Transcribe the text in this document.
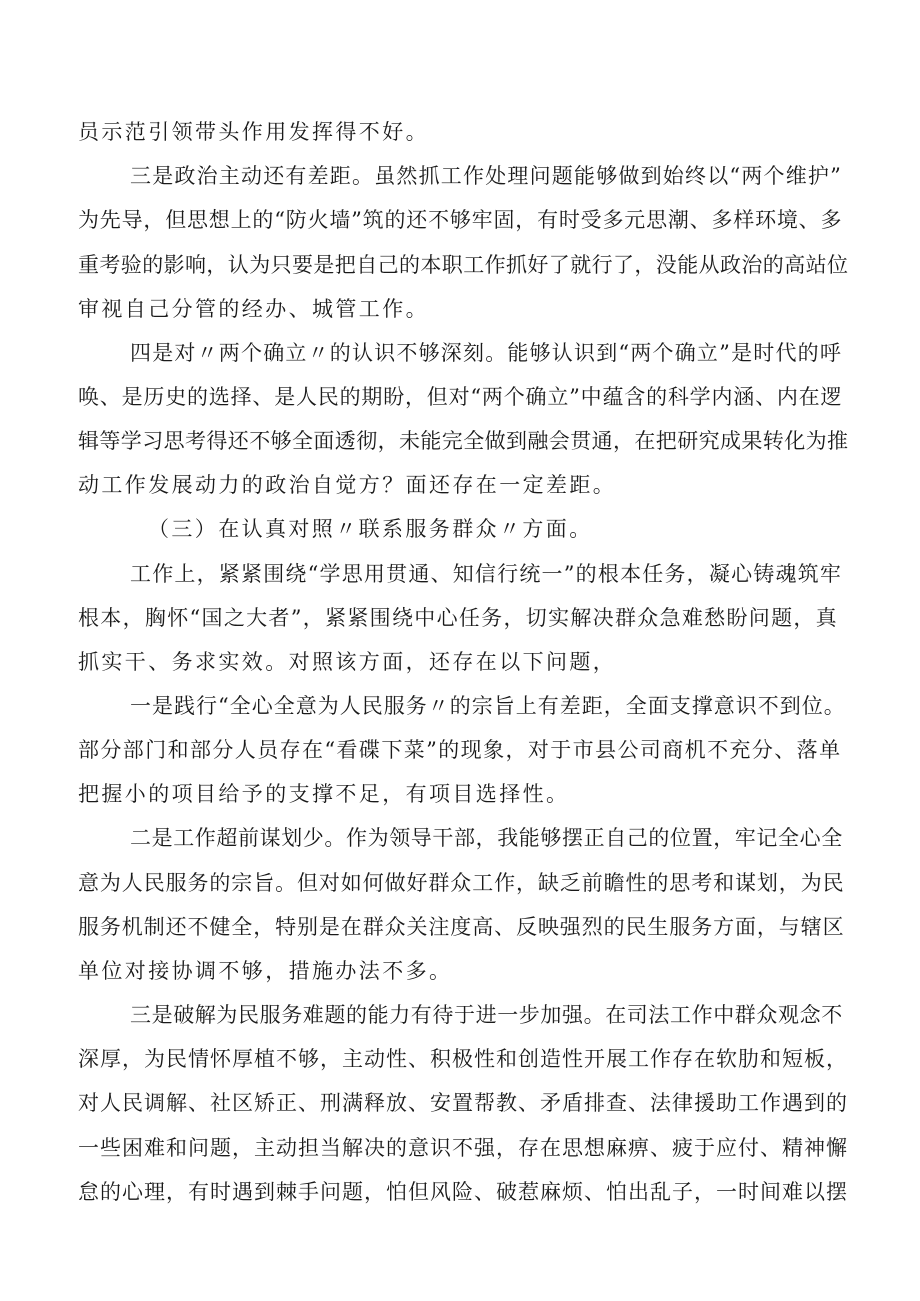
员示范引领带头作用发挥得不好。
三是政治主动还有差距。虽然抓工作处理问题能够做到始终以“两个维护”
为先导，但思想上的“防火墙”筑的还不够牢固，有时受多元思潮、多样环境、多
重考验的影响，认为只要是把自己的本职工作抓好了就行了，没能从政治的高站位
审视自己分管的经办、城管工作。
四是对〃两个确立〃的认识不够深刻。能够认识到“两个确立”是时代的呼
唤、是历史的选择、是人民的期盼，但对“两个确立”中蕴含的科学内涵、内在逻
辑等学习思考得还不够全面透彻，未能完全做到融会贯通，在把研究成果转化为推
动工作发展动力的政治自觉方？面还存在一定差距。
（三）在认真对照〃联系服务群众〃方面。
工作上，紧紧围绕“学思用贯通、知信行统一”的根本任务，凝心铸魂筑牢
根本，胸怀“国之大者”，紧紧围绕中心任务，切实解决群众急难愁盼问题，真
抓实干、务求实效。对照该方面，还存在以下问题，
一是践行“全心全意为人民服务〃的宗旨上有差距，全面支撑意识不到位。
部分部门和部分人员存在“看碟下菜”的现象，对于市县公司商机不充分、落单
把握小的项目给予的支撑不足，有项目选择性。
二是工作超前谋划少。作为领导干部，我能够摆正自己的位置，牢记全心全
意为人民服务的宗旨。但对如何做好群众工作，缺乏前瞻性的思考和谋划，为民
服务机制还不健全，特别是在群众关注度高、反映强烈的民生服务方面，与辖区
单位对接协调不够，措施办法不多。
三是破解为民服务难题的能力有待于进一步加强。在司法工作中群众观念不
深厚，为民情怀厚植不够，主动性、积极性和创造性开展工作存在软肋和短板，
对人民调解、社区矫正、刑满释放、安置帮教、矛盾排查、法律援助工作遇到的
一些困难和问题，主动担当解决的意识不强，存在思想麻痹、疲于应付、精神懈
怠的心理，有时遇到棘手问题，怕但风险、破惹麻烦、怕出乱子，一时间难以摆
